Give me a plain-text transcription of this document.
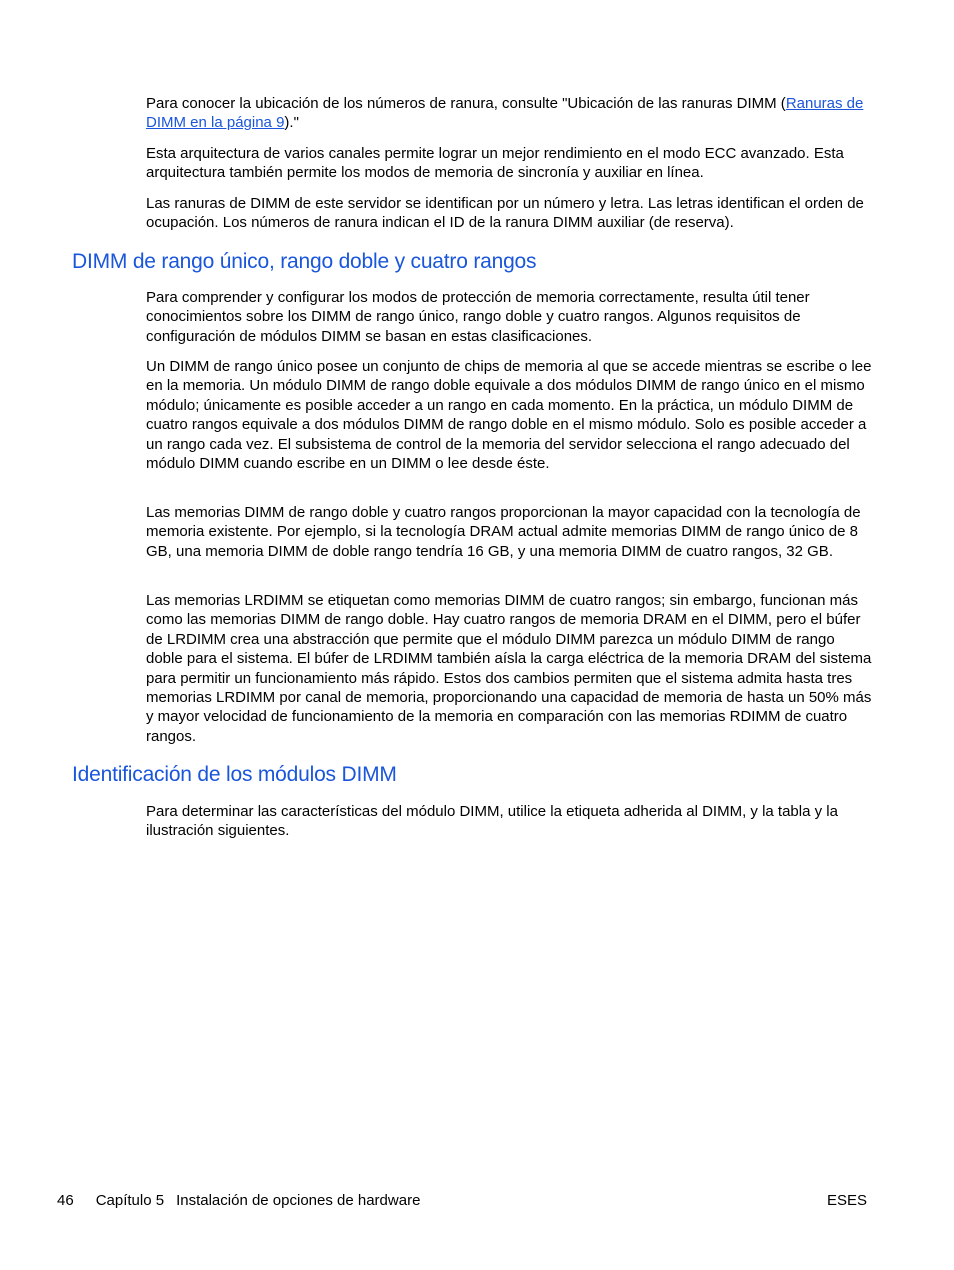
Para conocer la ubicación de los números de ranura, consulte "Ubicación de las ranuras DIMM (Ranuras de DIMM en la página 9)."

Esta arquitectura de varios canales permite lograr un mejor rendimiento en el modo ECC avanzado. Esta arquitectura también permite los modos de memoria de sincronía y auxiliar en línea.

Las ranuras de DIMM de este servidor se identifican por un número y letra. Las letras identifican el orden de ocupación. Los números de ranura indican el ID de la ranura DIMM auxiliar (de reserva).

DIMM de rango único, rango doble y cuatro rangos

Para comprender y configurar los modos de protección de memoria correctamente, resulta útil tener conocimientos sobre los DIMM de rango único, rango doble y cuatro rangos. Algunos requisitos de configuración de módulos DIMM se basan en estas clasificaciones.

Un DIMM de rango único posee un conjunto de chips de memoria al que se accede mientras se escribe o lee en la memoria. Un módulo DIMM de rango doble equivale a dos módulos DIMM de rango único en el mismo módulo; únicamente es posible acceder a un rango en cada momento. En la práctica, un módulo DIMM de cuatro rangos equivale a dos módulos DIMM de rango doble en el mismo módulo. Solo es posible acceder a un rango cada vez. El subsistema de control de la memoria del servidor selecciona el rango adecuado del módulo DIMM cuando escribe en un DIMM o lee desde éste.

Las memorias DIMM de rango doble y cuatro rangos proporcionan la mayor capacidad con la tecnología de memoria existente. Por ejemplo, si la tecnología DRAM actual admite memorias DIMM de rango único de 8 GB, una memoria DIMM de doble rango tendría 16 GB, y una memoria DIMM de cuatro rangos, 32 GB.

Las memorias LRDIMM se etiquetan como memorias DIMM de cuatro rangos; sin embargo, funcionan más como las memorias DIMM de rango doble. Hay cuatro rangos de memoria DRAM en el DIMM, pero el búfer de LRDIMM crea una abstracción que permite que el módulo DIMM parezca un módulo DIMM de rango doble para el sistema. El búfer de LRDIMM también aísla la carga eléctrica de la memoria DRAM del sistema para permitir un funcionamiento más rápido. Estos dos cambios permiten que el sistema admita hasta tres memorias LRDIMM por canal de memoria, proporcionando una capacidad de memoria de hasta un 50% más y mayor velocidad de funcionamiento de la memoria en comparación con las memorias RDIMM de cuatro rangos.

Identificación de los módulos DIMM

Para determinar las características del módulo DIMM, utilice la etiqueta adherida al DIMM, y la tabla y la ilustración siguientes.

46 Capítulo 5 Instalación de opciones de hardware	ESES
